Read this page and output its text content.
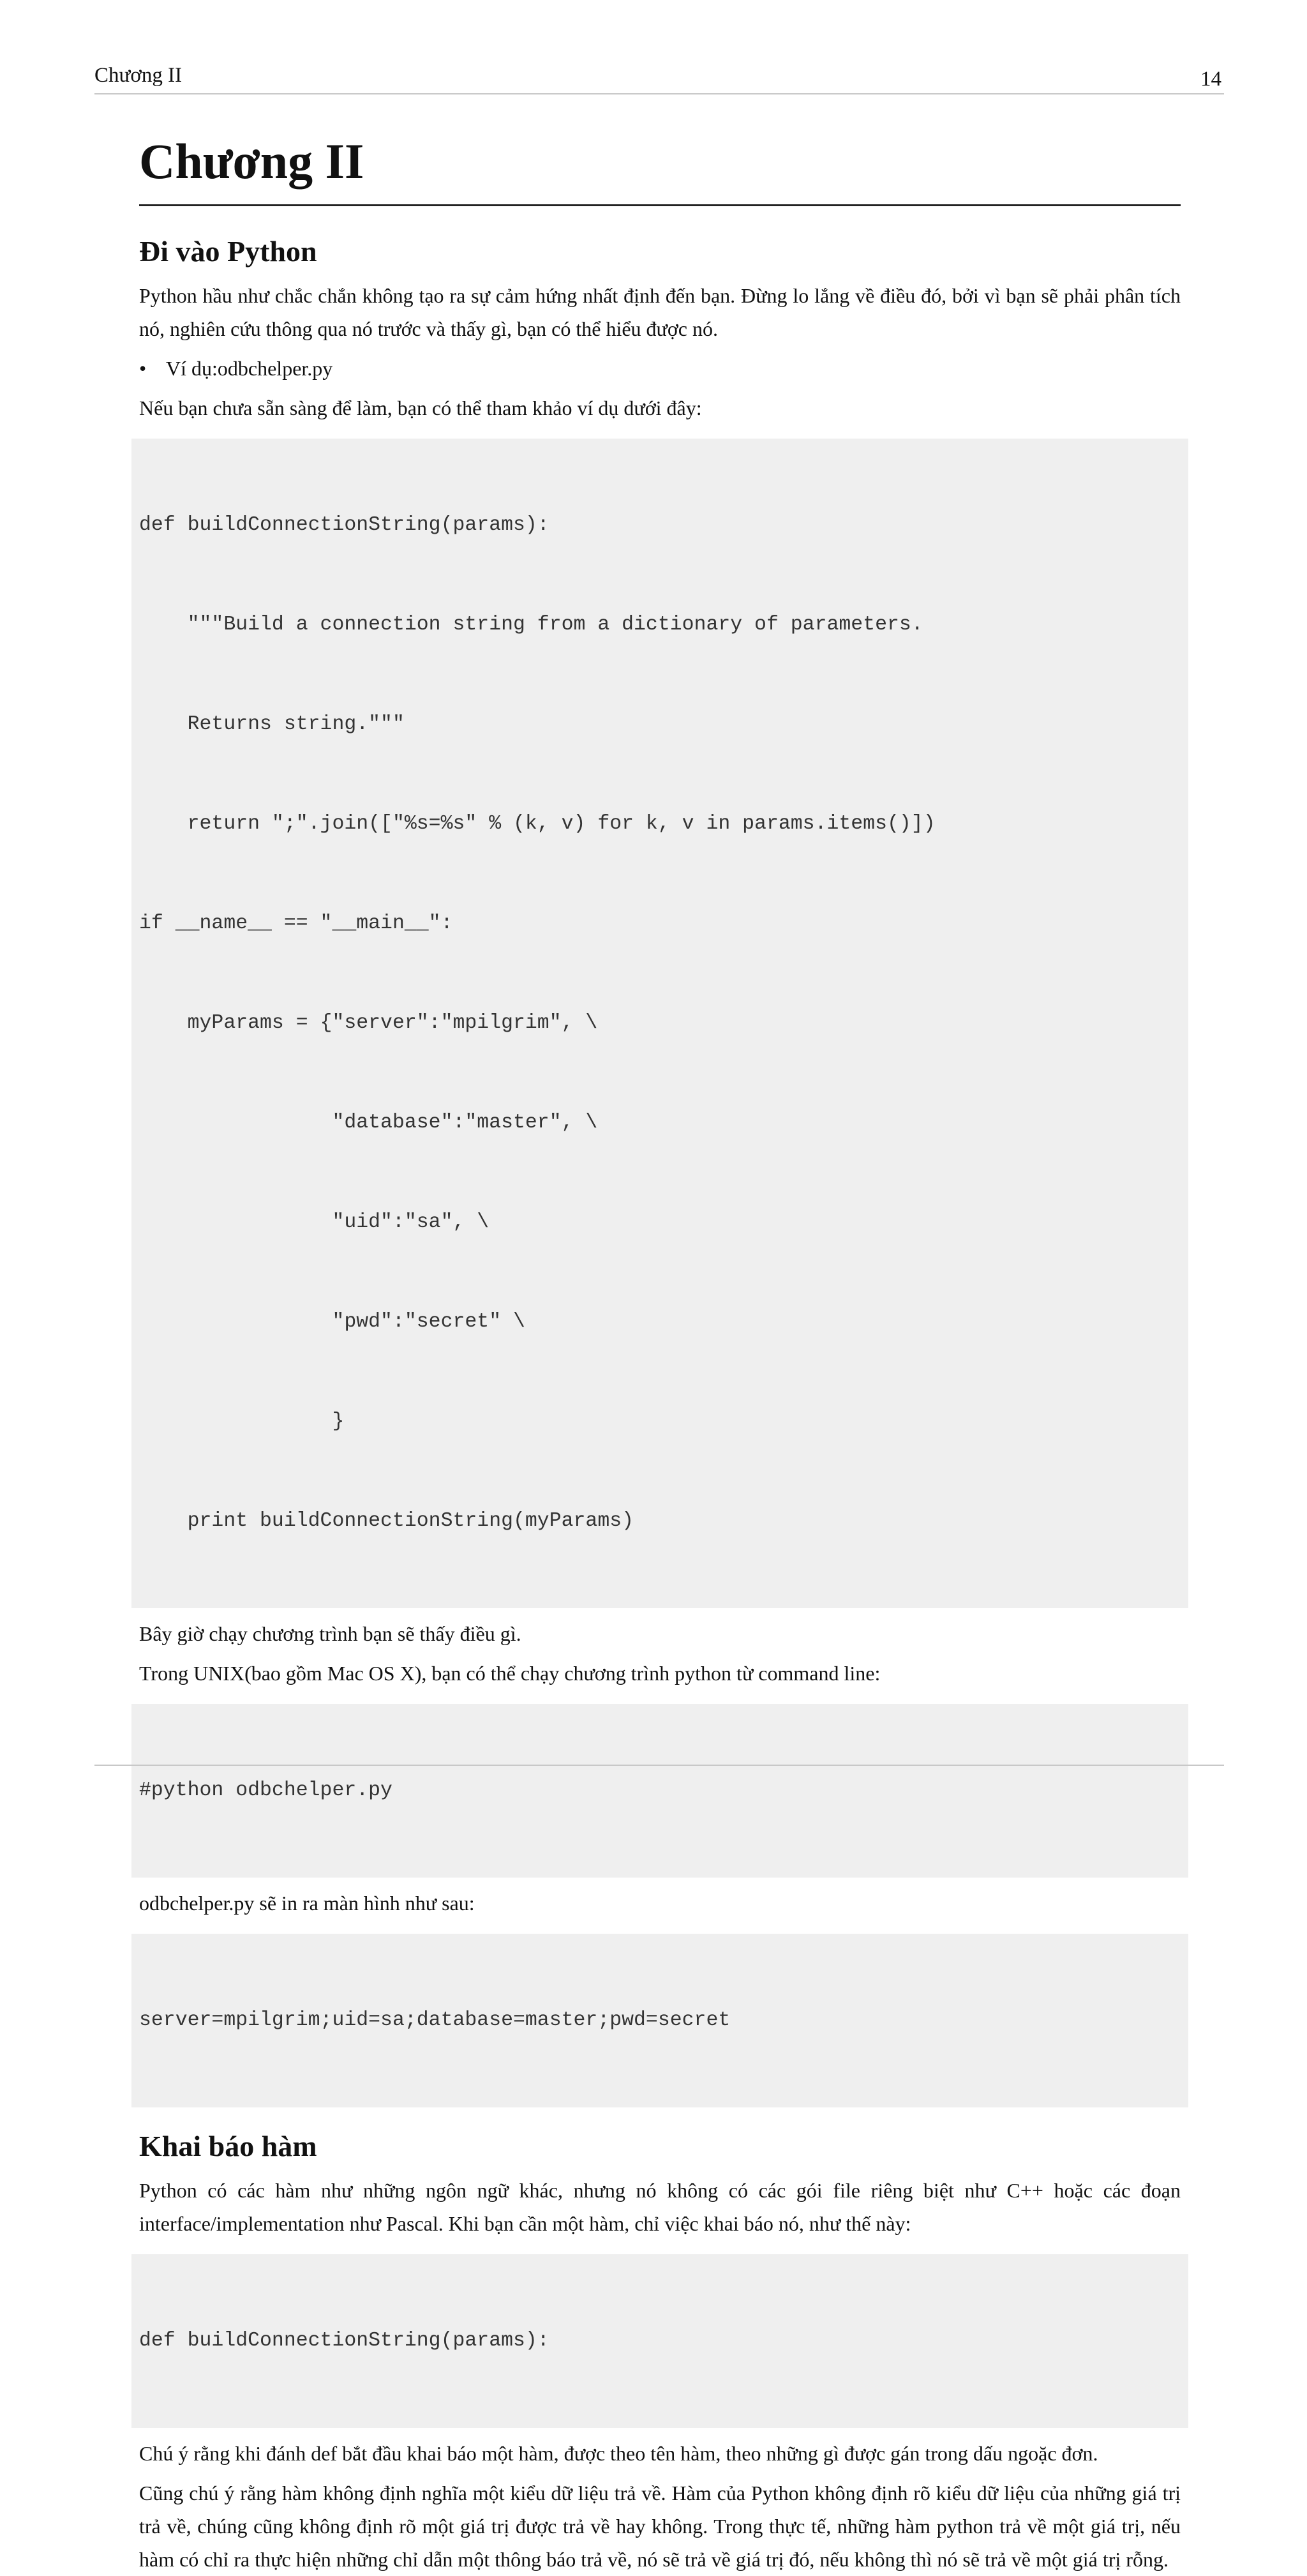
Chương II	14
Chương II
Đi vào Python

Python hầu như chắc chắn không tạo ra sự cảm hứng nhất định đến bạn. Đừng lo lắng về điều đó, bởi vì bạn sẽ phải phân tích nó, nghiên cứu thông qua nó trước và thấy gì, bạn có thể hiểu được nó.

• Ví dụ:odbchelper.py

Nếu bạn chưa sẵn sàng để làm, bạn có thể tham khảo ví dụ dưới đây:

def buildConnectionString(params):

"""Build a connection string from a dictionary of parameters.

Returns string."""

return ";".join(["%s=%s" % (k, v) for k, v in params.items()])

if __name__ == "__main__":

myParams = {"server":"mpilgrim", \

"database":"master", \

"uid":"sa", \

"pwd":"secret" \

}

print buildConnectionString(myParams)

Bây giờ chạy chương trình bạn sẽ thấy điều gì.

Trong UNIX(bao gồm Mac OS X), bạn có thể chạy chương trình python từ command line:

#python odbchelper.py

odbchelper.py sẽ in ra màn hình như sau:

server=mpilgrim;uid=sa;database=master;pwd=secret

Khai báo hàm

Python có các hàm như những ngôn ngữ khác, nhưng nó không có các gói file riêng biệt như C++ hoặc các đoạn interface/implementation như Pascal. Khi bạn cần một hàm, chỉ việc khai báo nó, như thế này:

def buildConnectionString(params):

Chú ý rằng khi đánh def bắt đầu khai báo một hàm, được theo tên hàm, theo những gì được gán trong dấu ngoặc đơn.

Cũng chú ý rằng hàm không định nghĩa một kiểu dữ liệu trả về. Hàm của Python không định rõ kiểu dữ liệu của những giá trị trả về, chúng cũng không định rõ một giá trị được trả về hay không. Trong thực tế, những hàm python trả về một giá trị, nếu hàm có chỉ ra thực hiện những chỉ dẫn một thông báo trả về, nó sẽ trả về giá trị đó, nếu không thì nó sẽ trả về một giá trị rỗng.
